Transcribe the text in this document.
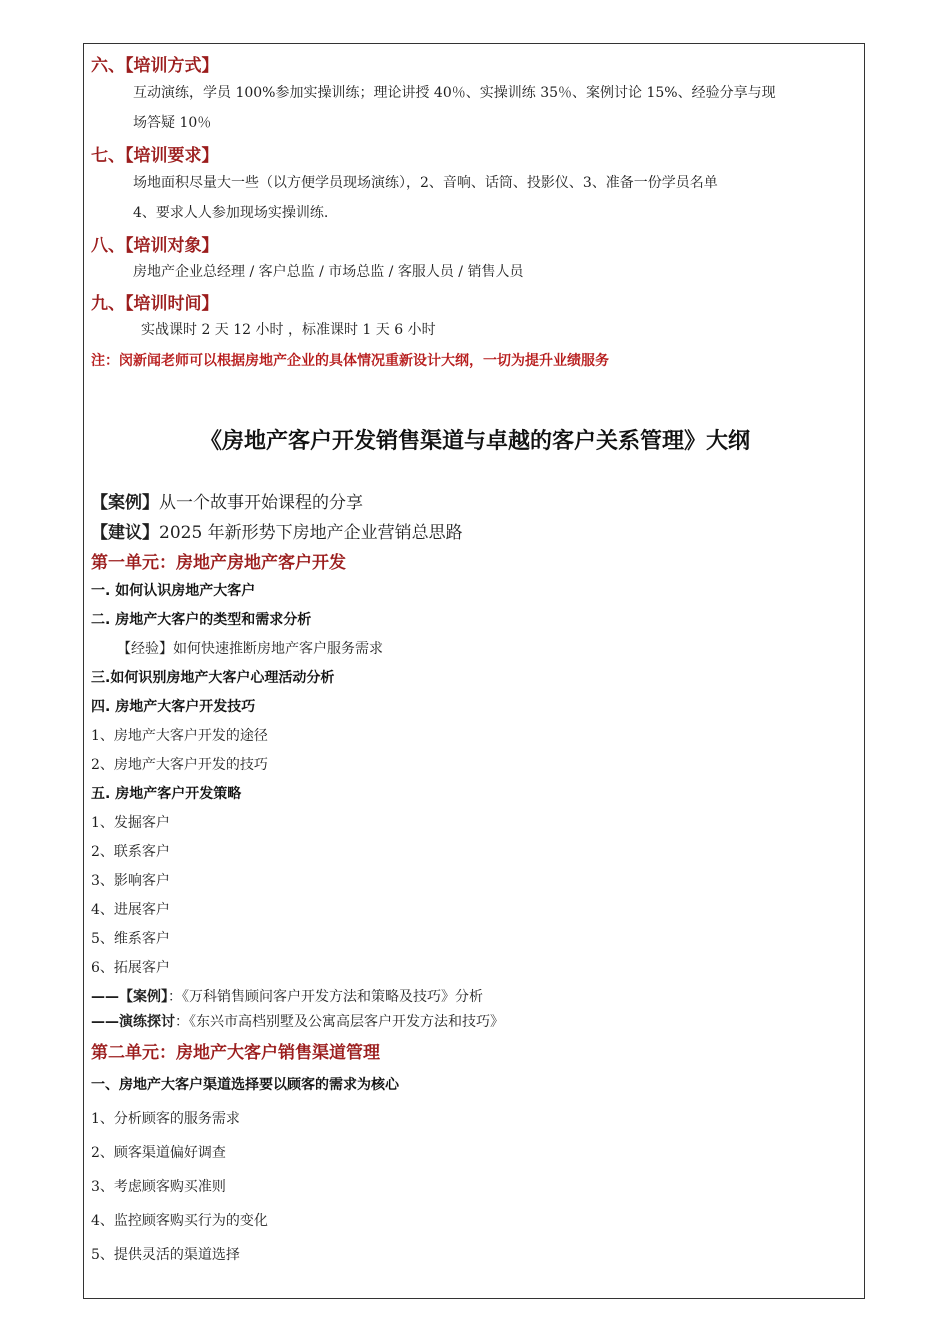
六、【培训方式】
互动演练，学员 100%参加实操训练；理论讲授 40％、实操训练 35％、案例讨论 15%、经验分享与现
场答疑 10％
七、【培训要求】
场地面积尽量大一些（以方便学员现场演练），2、音响、话筒、投影仪、3、准备一份学员名单
4、要求人人参加现场实操训练.
八、【培训对象】
房地产企业总经理 / 客户总监 / 市场总监 / 客服人员 / 销售人员
九、【培训时间】
实战课时 2 天 12 小时 ，标准课时 1 天 6 小时
注：闵新闻老师可以根据房地产企业的具体情况重新设计大纲，一切为提升业绩服务
《房地产客户开发销售渠道与卓越的客户关系管理》大纲
【案例】从一个故事开始课程的分享
【建议】2025 年新形势下房地产企业营销总思路
第一单元：房地产房地产客户开发
一. 如何认识房地产大客户
二. 房地产大客户的类型和需求分析
【经验】如何快速推断房地产客户服务需求
三.如何识别房地产大客户心理活动分析
四. 房地产大客户开发技巧
1、房地产大客户开发的途径
2、房地产大客户开发的技巧
五. 房地产客户开发策略
1、发掘客户
2、联系客户
3、影响客户
4、进展客户
5、维系客户
6、拓展客户
——【案例】：《万科销售顾问客户开发方法和策略及技巧》分析
——演练探讨：《东兴市高档别墅及公寓高层客户开发方法和技巧》
第二单元：房地产大客户销售渠道管理
一、房地产大客户渠道选择要以顾客的需求为核心
1、分析顾客的服务需求
2、顾客渠道偏好调查
3、考虑顾客购买准则
4、监控顾客购买行为的变化
5、提供灵活的渠道选择
